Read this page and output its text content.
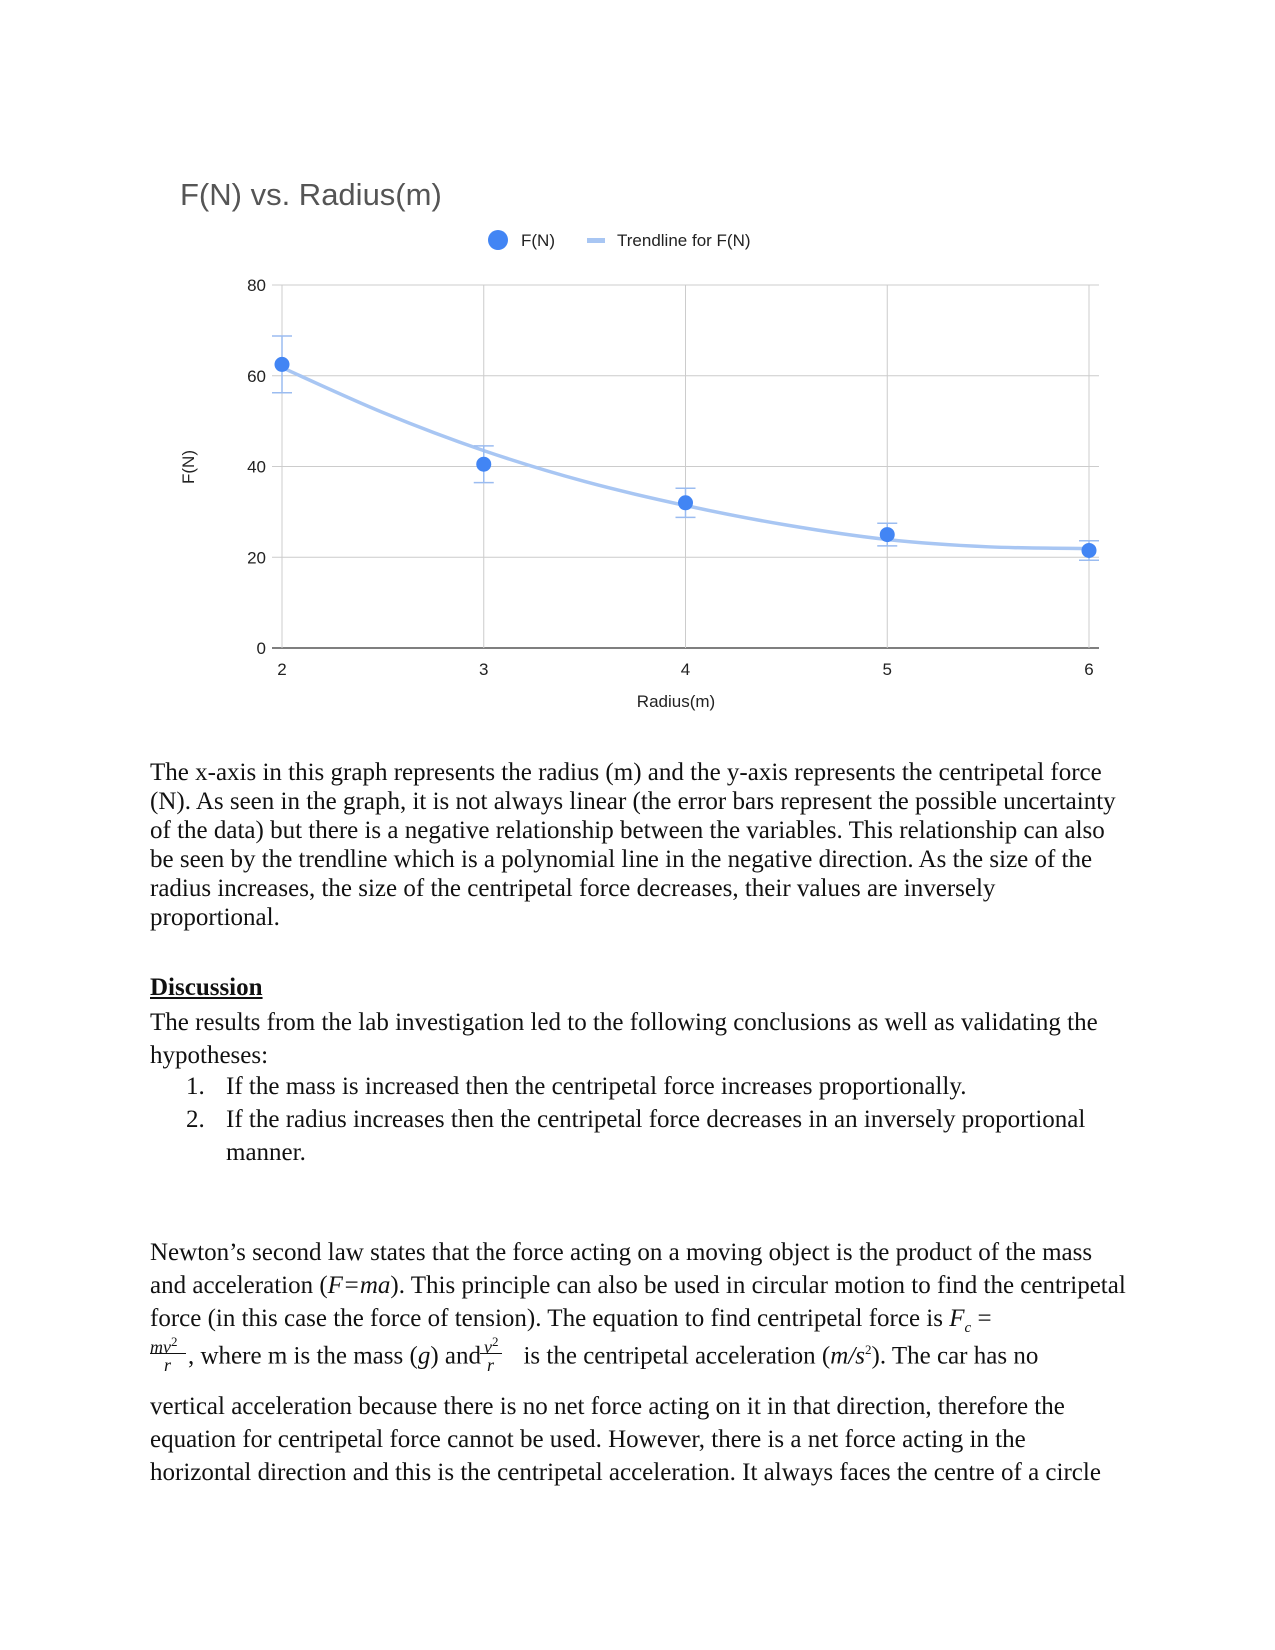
F(N) vs. Radius(m)
F(N)	Trendline for F(N)
0
20
40
60
80
2	3	4	5	6
Radius(m)
F(N)

The x-axis in this graph represents the radius (m) and the y-axis represents the centripetal force (N). As seen in the graph, it is not always linear (the error bars represent the possible uncertainty of the data) but there is a negative relationship between the variables. This relationship can also be seen by the trendline which is a polynomial line in the negative direction. As the size of the radius increases, the size of the centripetal force decreases, their values are inversely proportional.

Discussion

The results from the lab investigation led to the following conclusions as well as validating the hypotheses:

1. If the mass is increased then the centripetal force increases proportionally.
2. If the radius increases then the centripetal force decreases in an inversely proportional manner.

Newton’s second law states that the force acting on a moving object is the product of the mass and acceleration (F=ma). This principle can also be used in circular motion to find the centripetal force (in this case the force of tension). The equation to find centripetal force is $F_c$ =

$mv^2$
r , where m is the mass (g) and  is the centripetal acceleration $(m/s^2)$. The car has no
$v^2$
r

vertical acceleration because there is no net force acting on it in that direction, therefore the equation for centripetal force cannot be used. However, there is a net force acting in the horizontal direction and this is the centripetal acceleration. It always faces the centre of a circle
